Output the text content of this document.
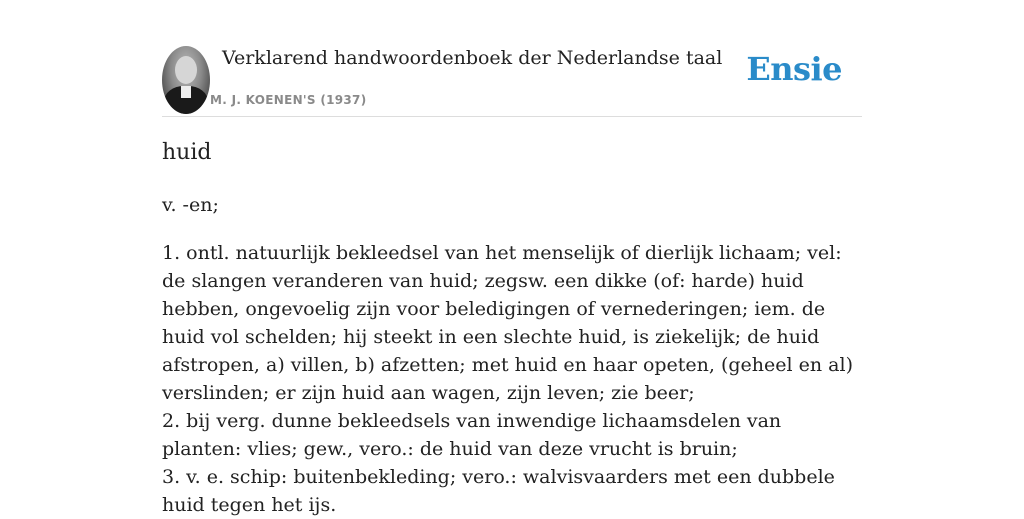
Verklarend handwoordenboek der Nederlandse taal
M. J. KOENEN'S (1937)
Ensie
huid
v. -en;

1. ontl. natuurlijk bekleedsel van het menselijk of dierlijk lichaam; vel: de slangen veranderen van huid; zegsw. een dikke (of: harde) huid hebben, ongevoelig zijn voor beledigingen of vernederingen; iem. de huid vol schelden; hij steekt in een slechte huid, is ziekelijk; de huid afstropen, a) villen, b) afzetten; met huid en haar opeten, (geheel en al) verslinden; er zijn huid aan wagen, zijn leven; zie beer;

2. bij verg. dunne bekleedsels van inwendige lichaamsdelen van planten: vlies; gew., vero.: de huid van deze vrucht is bruin;

3. v. e. schip: buitenbekleding; vero.: walvisvaarders met een dubbele huid tegen het ijs.
